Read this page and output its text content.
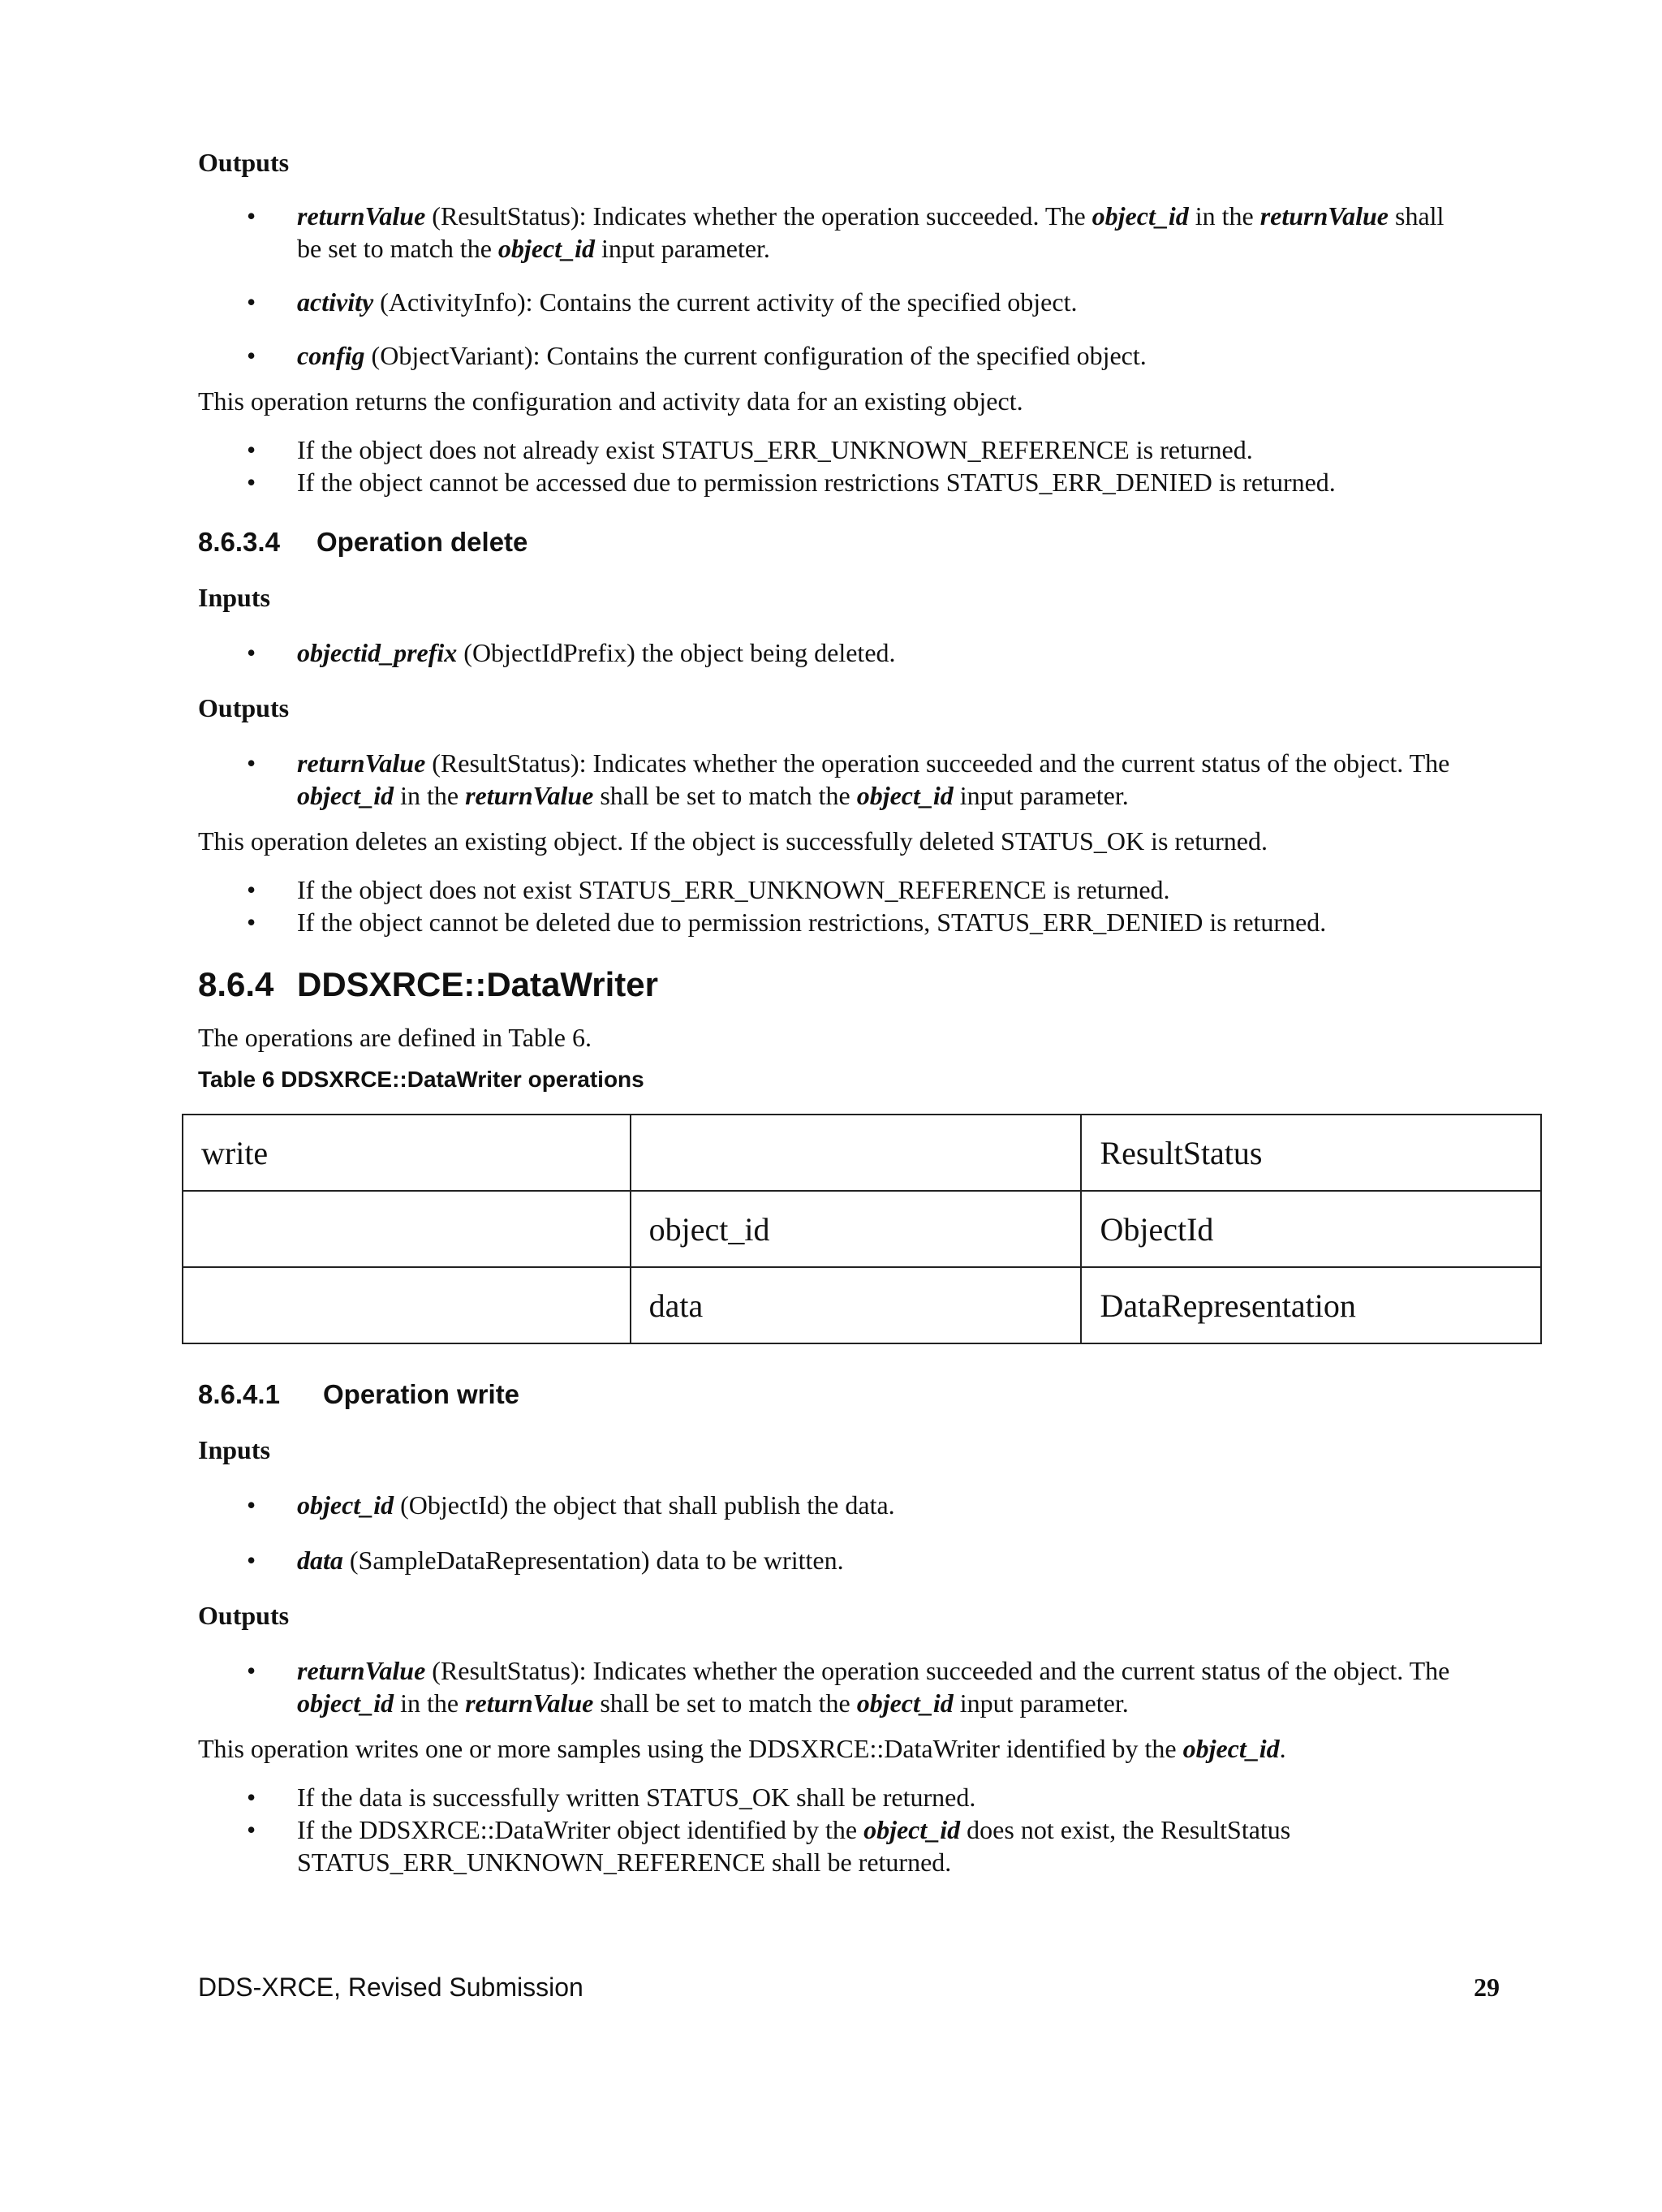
Outputs

• returnValue (ResultStatus): Indicates whether the operation succeeded. The object_id in the returnValue shall
be set to match the object_id input parameter.
• activity (ActivityInfo): Contains the current activity of the specified object.
• config (ObjectVariant): Contains the current configuration of the specified object.

This operation returns the configuration and activity data for an existing object.

• If the object does not already exist STATUS_ERR_UNKNOWN_REFERENCE is returned.
• If the object cannot be accessed due to permission restrictions STATUS_ERR_DENIED is returned.
8.6.3.4 Operation delete

Inputs

• objectid_prefix (ObjectIdPrefix) the object being deleted.

Outputs

• returnValue (ResultStatus): Indicates whether the operation succeeded and the current status of the object. The
object_id in the returnValue shall be set to match the object_id input parameter.

This operation deletes an existing object. If the object is successfully deleted STATUS_OK is returned.

• If the object does not exist STATUS_ERR_UNKNOWN_REFERENCE is returned.
• If the object cannot be deleted due to permission restrictions, STATUS_ERR_DENIED is returned.
8.6.4 DDSXRCE::DataWriter

The operations are defined in Table 6.

Table 6 DDSXRCE::DataWriter operations

write		ResultStatus
	object_id	ObjectId
	data	DataRepresentation
8.6.4.1 Operation write

Inputs

• object_id (ObjectId) the object that shall publish the data.
• data (SampleDataRepresentation) data to be written.

Outputs

• returnValue (ResultStatus): Indicates whether the operation succeeded and the current status of the object. The
object_id in the returnValue shall be set to match the object_id input parameter.

This operation writes one or more samples using the DDSXRCE::DataWriter identified by the object_id.

• If the data is successfully written STATUS_OK shall be returned.
• If the DDSXRCE::DataWriter object identified by the object_id does not exist, the ResultStatus
STATUS_ERR_UNKNOWN_REFERENCE shall be returned.
DDS-XRCE, Revised Submission	29
